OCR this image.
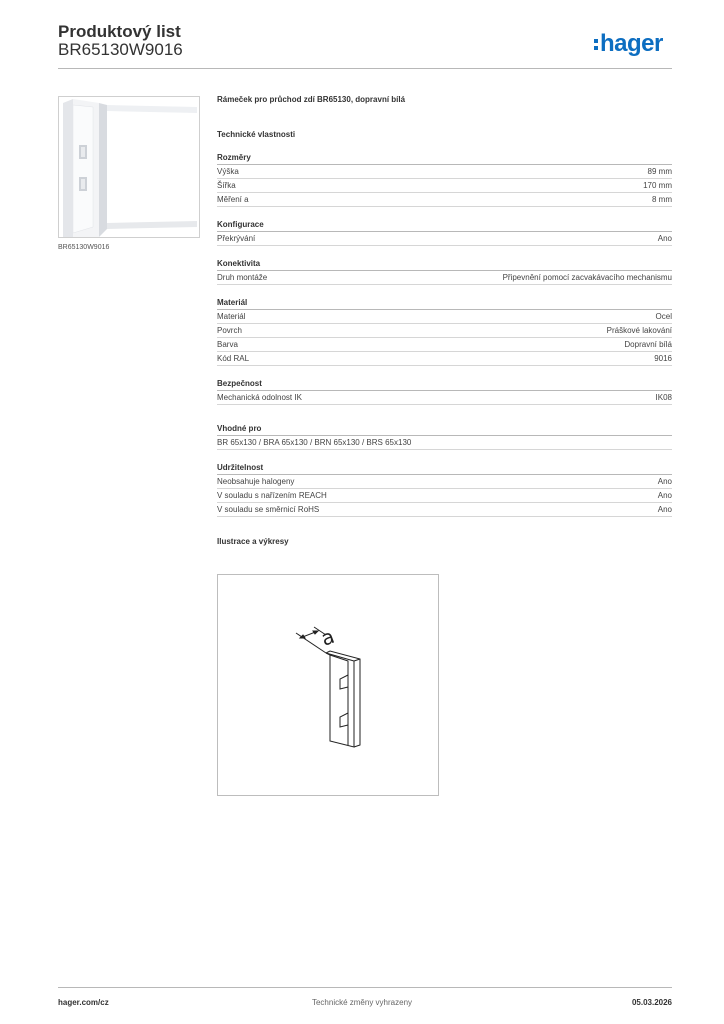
Produktový list
BR65130W9016	hager
BR65130W9016
Rámeček pro průchod zdí BR65130, dopravní bílá
Technické vlastnosti
Rozměry
Výška	89 mm
Šířka	170 mm
Měření a	8 mm
Konfigurace
Překrývání	Ano
Konektivita
Druh montáže	Připevnění pomocí zacvakávacího mechanismu
Materiál
Materiál	Ocel
Povrch	Práškové lakování
Barva	Dopravní bílá
Kód RAL	9016
Bezpečnost
Mechanická odolnost IK	IK08
Vhodné pro
BR 65x130 / BRA 65x130 / BRN 65x130 / BRS 65x130
Udržitelnost
Neobsahuje halogeny	Ano
V souladu s nařízením REACH	Ano
V souladu se směrnicí RoHS	Ano
Ilustrace a výkresy
a
hager.com/cz	Technické změny vyhrazeny	05.03.2026
